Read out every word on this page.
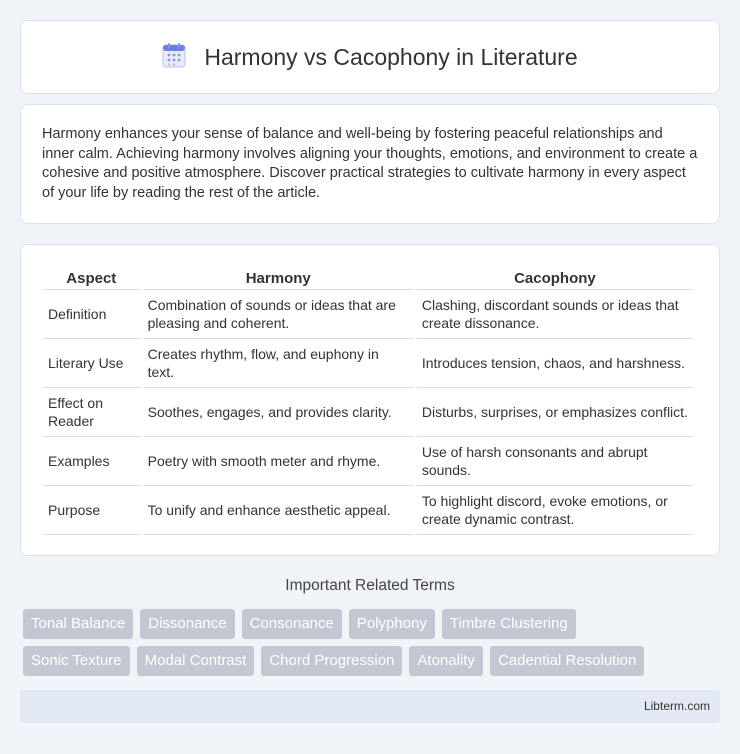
Harmony vs Cacophony in Literature

Harmony enhances your sense of balance and well-being by fostering peaceful relationships and inner calm. Achieving harmony involves aligning your thoughts, emotions, and environment to create a cohesive and positive atmosphere. Discover practical strategies to cultivate harmony in every aspect of your life by reading the rest of the article.

Aspect	Harmony	Cacophony
Definition	Combination of sounds or ideas that are pleasing and coherent.	Clashing, discordant sounds or ideas that create dissonance.
Literary Use	Creates rhythm, flow, and euphony in text.	Introduces tension, chaos, and harshness.
Effect on Reader	Soothes, engages, and provides clarity.	Disturbs, surprises, or emphasizes conflict.
Examples	Poetry with smooth meter and rhyme.	Use of harsh consonants and abrupt sounds.
Purpose	To unify and enhance aesthetic appeal.	To highlight discord, evoke emotions, or create dynamic contrast.
Important Related Terms
Tonal Balance	Dissonance	Consonance	Polyphony	Timbre Clustering
Sonic Texture	Modal Contrast	Chord Progression	Atonality	Cadential Resolution
Libterm.com
